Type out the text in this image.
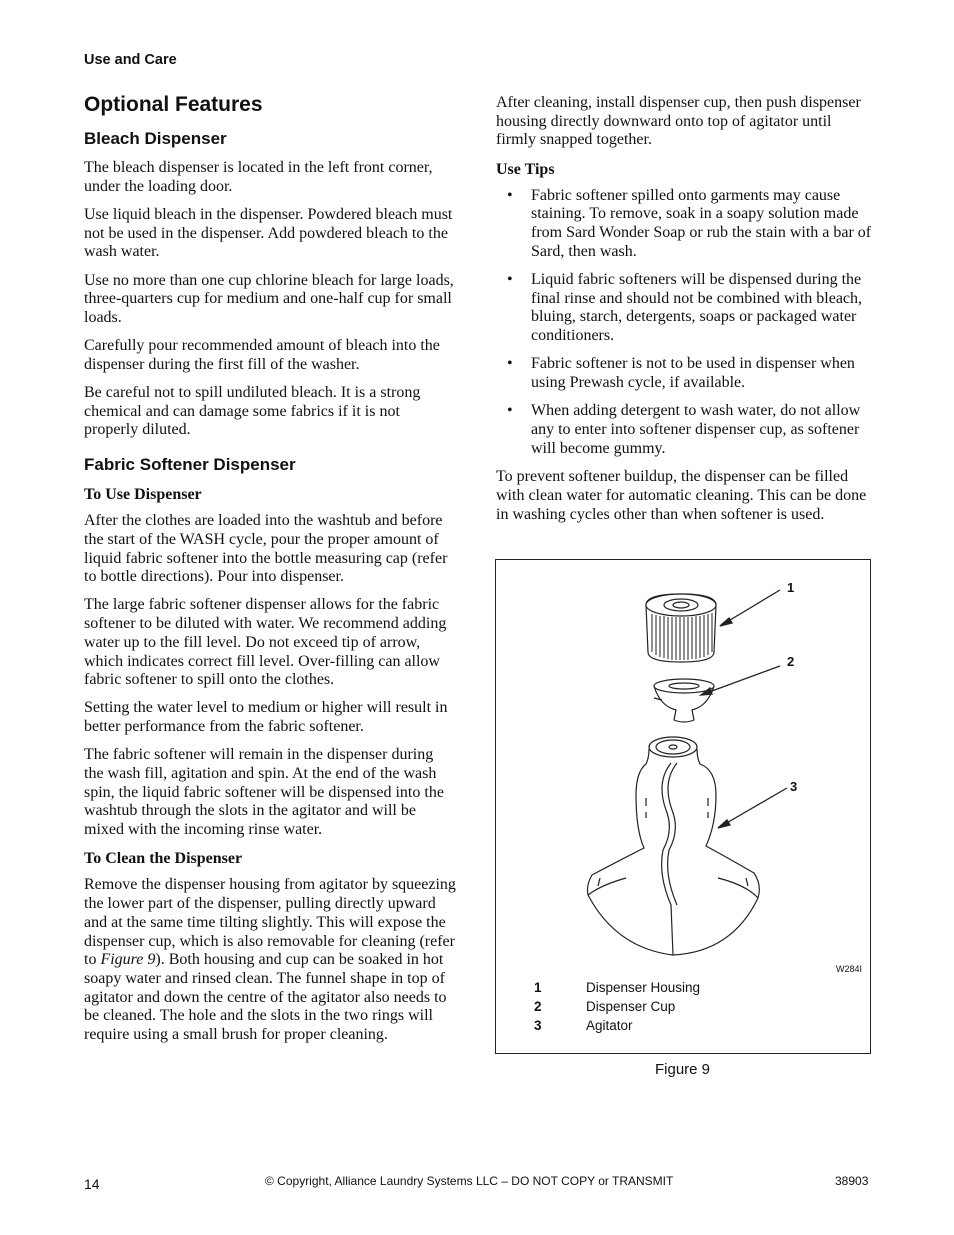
Use and Care
Optional Features
Bleach Dispenser

The bleach dispenser is located in the left front corner, under the loading door.

Use liquid bleach in the dispenser. Powdered bleach must not be used in the dispenser. Add powdered bleach to the wash water.

Use no more than one cup chlorine bleach for large loads, three-quarters cup for medium and one-half cup for small loads.

Carefully pour recommended amount of bleach into the dispenser during the first fill of the washer.

Be careful not to spill undiluted bleach. It is a strong chemical and can damage some fabrics if it is not properly diluted.

Fabric Softener Dispenser
To Use Dispenser

After the clothes are loaded into the washtub and before the start of the WASH cycle, pour the proper amount of liquid fabric softener into the bottle measuring cap (refer to bottle directions). Pour into dispenser.

The large fabric softener dispenser allows for the fabric softener to be diluted with water. We recommend adding water up to the fill level. Do not exceed tip of arrow, which indicates correct fill level. Over-filling can allow fabric softener to spill onto the clothes.

Setting the water level to medium or higher will result in better performance from the fabric softener.

The fabric softener will remain in the dispenser during the wash fill, agitation and spin. At the end of the wash spin, the liquid fabric softener will be dispensed into the washtub through the slots in the agitator and will be mixed with the incoming rinse water.

To Clean the Dispenser

Remove the dispenser housing from agitator by squeezing the lower part of the dispenser, pulling directly upward and at the same time tilting slightly. This will expose the dispenser cup, which is also removable for cleaning (refer to Figure 9). Both housing and cup can be soaked in hot soapy water and rinsed clean. The funnel shape in top of agitator and down the centre of the agitator also needs to be cleaned. The hole and the slots in the two rings will require using a small brush for proper cleaning.

After cleaning, install dispenser cup, then push dispenser housing directly downward onto top of agitator until firmly snapped together.

Use Tips
• Fabric softener spilled onto garments may cause staining. To remove, soak in a soapy solution made from Sard Wonder Soap or rub the stain with a bar of Sard, then wash.
• Liquid fabric softeners will be dispensed during the final rinse and should not be combined with bleach, bluing, starch, detergents, soaps or packaged water conditioners.
• Fabric softener is not to be used in dispenser when using Prewash cycle, if available.
• When adding detergent to wash water, do not allow any to enter into softener dispenser cup, as softener will become gummy.

To prevent softener buildup, the dispenser can be filled with clean water for automatic cleaning. This can be done in washing cycles other than when softener is used.

1
2
3
W284I
1	Dispenser Housing
2	Dispenser Cup
3	Agitator
Figure 9
14	© Copyright, Alliance Laundry Systems LLC – DO NOT COPY or TRANSMIT	38903
